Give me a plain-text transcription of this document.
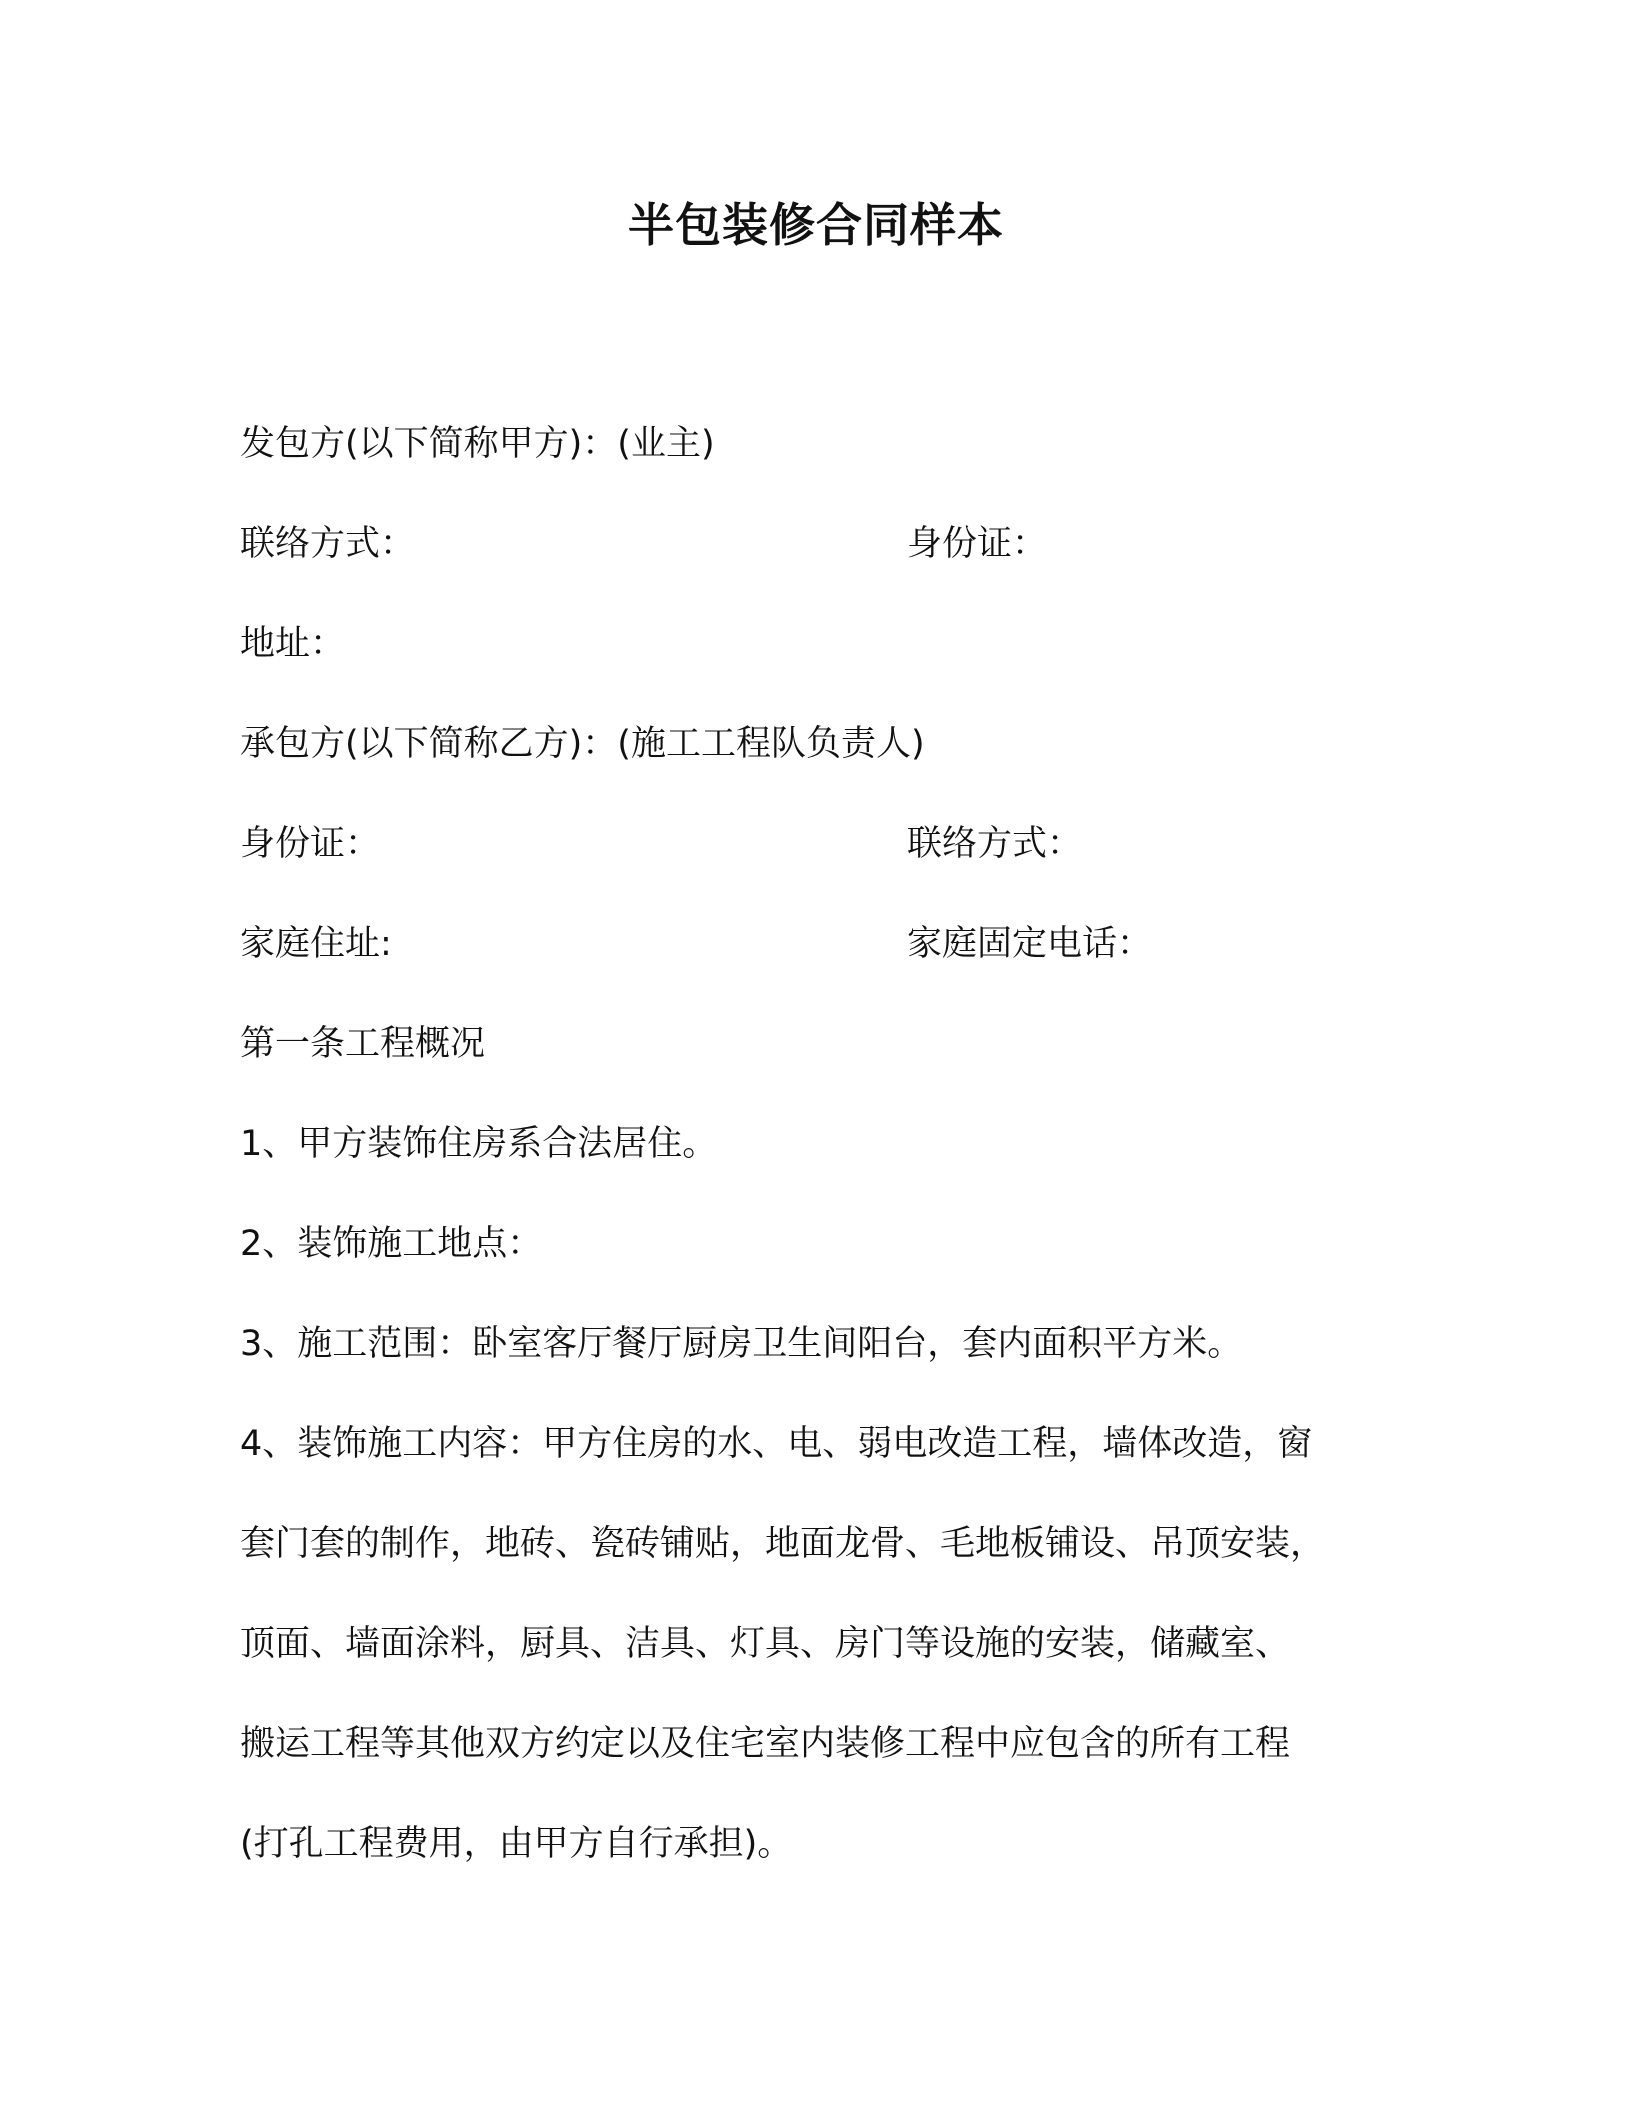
半包装修合同样本
发包方(以下简称甲方)：(业主)
联络方式：	身份证：
地址：
承包方(以下简称乙方)：(施工工程队负责人)
身份证：	联络方式：
家庭住址:	家庭固定电话：
第一条工程概况
1、甲方装饰住房系合法居住。
2、装饰施工地点：
3、施工范围：卧室客厅餐厅厨房卫生间阳台，套内面积平方米。
4、装饰施工内容：甲方住房的水、电、弱电改造工程，墙体改造，窗
套门套的制作，地砖、瓷砖铺贴，地面龙骨、毛地板铺设、吊顶安装，
顶面、墙面涂料，厨具、洁具、灯具、房门等设施的安装，储藏室、
搬运工程等其他双方约定以及住宅室内装修工程中应包含的所有工程
(打孔工程费用，由甲方自行承担)。
